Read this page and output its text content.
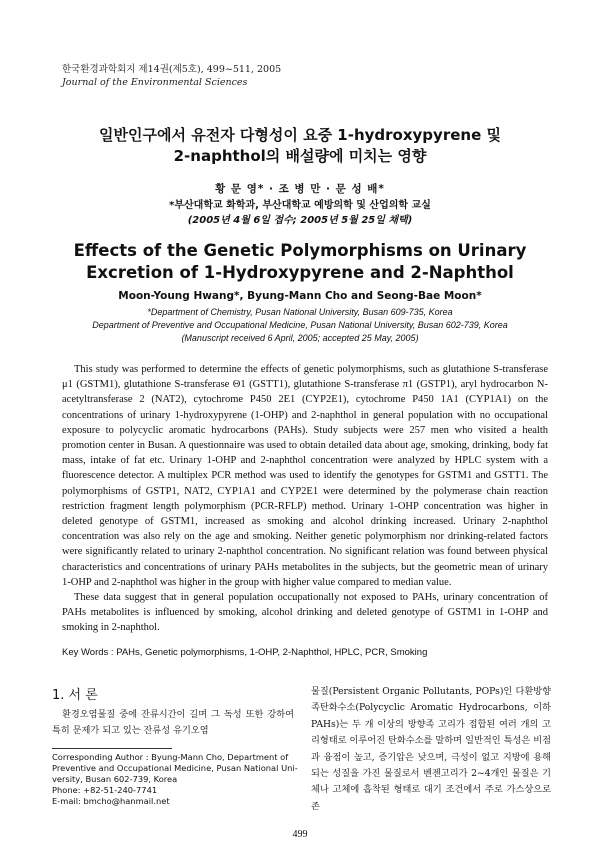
한국환경과학회지 제14권(제5호), 499~511, 2005
Journal of the Environmental Sciences
일반인구에서 유전자 다형성이 요중 1-hydroxypyrene 및
2-naphthol의 배설량에 미치는 영향
황 문 영* · 조 병 만 · 문 성 배*
*부산대학교 화학과, 부산대학교 예방의학 및 산업의학 교실
(2005년 4월 6일 접수; 2005년 5월 25일 채택)
Effects of the Genetic Polymorphisms on Urinary
Excretion of 1-Hydroxypyrene and 2-Naphthol
Moon-Young Hwang*, Byung-Mann Cho and Seong-Bae Moon*
*Department of Chemistry, Pusan National University, Busan 609-735, Korea
Department of Preventive and Occupational Medicine, Pusan National University, Busan 602-739, Korea
(Manuscript received 6 April, 2005; accepted 25 May, 2005)

This study was performed to determine the effects of genetic polymorphisms, such as glutathione S-transferase μ1 (GSTM1), glutathione S-transferase Θ1 (GSTT1), glutathione S-transferase π1 (GSTP1), aryl hydrocarbon N-acetyltransferase 2 (NAT2), cytochrome P450 2E1 (CYP2E1), cytochrome P450 1A1 (CYP1A1) on the concentrations of urinary 1-hydroxypyrene (1-OHP) and 2-naphthol in general population with no occupational exposure to polycyclic aromatic hydrocarbons (PAHs). Study subjects were 257 men who visited a health promotion center in Busan. A questionnaire was used to obtain detailed data about age, smoking, drinking, body fat mass, intake of fat etc. Urinary 1-OHP and 2-naphthol concentration were analyzed by HPLC system with a fluorescence detector. A multiplex PCR method was used to identify the genotypes for GSTM1 and GSTT1. The polymorphisms of GSTP1, NAT2, CYP1A1 and CYP2E1 were determined by the polymerase chain reaction restriction fragment length polymorphism (PCR-RFLP) method. Urinary 1-OHP concentration was higher in deleted genotype of GSTM1, increased as smoking and alcohol drinking increased. Urinary 2-naphthol concentration was also rely on the age and smoking. Neither genetic polymorphism nor drinking-related factors were significantly related to urinary 2-naphthol concentration. No significant relation was found between physical characteristics and concentrations of urinary PAHs metabolites in the subjects, but the geometric mean of urinary 1-OHP and 2-naphthol was higher in the group with higher value compared to median value.

These data suggest that in general population occupationally not exposed to PAHs, urinary concentration of PAHs metabolites is influenced by smoking, alcohol drinking and deleted genotype of GSTM1 in 1-OHP and smoking in 2-naphthol.

Key Words : PAHs, Genetic polymorphisms, 1-OHP, 2-Naphthol, HPLC, PCR, Smoking
1. 서 론

환경오염물질 중에 잔류시간이 길며 그 독성 또한 강하여 특히 문제가 되고 있는 잔류성 유기오염

Corresponding Author : Byung-Mann Cho, Department of
Preventive and Occupational Medicine, Pusan National Uni-
versity, Busan 602-739, Korea
Phone: +82-51-240-7741
E-mail: bmcho@hanmail.net

물질(Persistent Organic Pollutants, POPs)인 다환방향족탄화수소(Polycyclic Aromatic Hydrocarbons, 이하 PAHs)는 두 개 이상의 방향족 고리가 접합된 여러 개의 고리형태로 이루어진 탄화수소를 말하며 일반적인 특성은 비점과 융점이 높고, 증기압은 낮으며, 극성이 없고 지방에 용해되는 성질을 가진 물질로서 벤젠고리가 2~4개인 물질은 기체나 고체에 흡착된 형태로 대기 조건에서 주로 가스상으로 존

499
